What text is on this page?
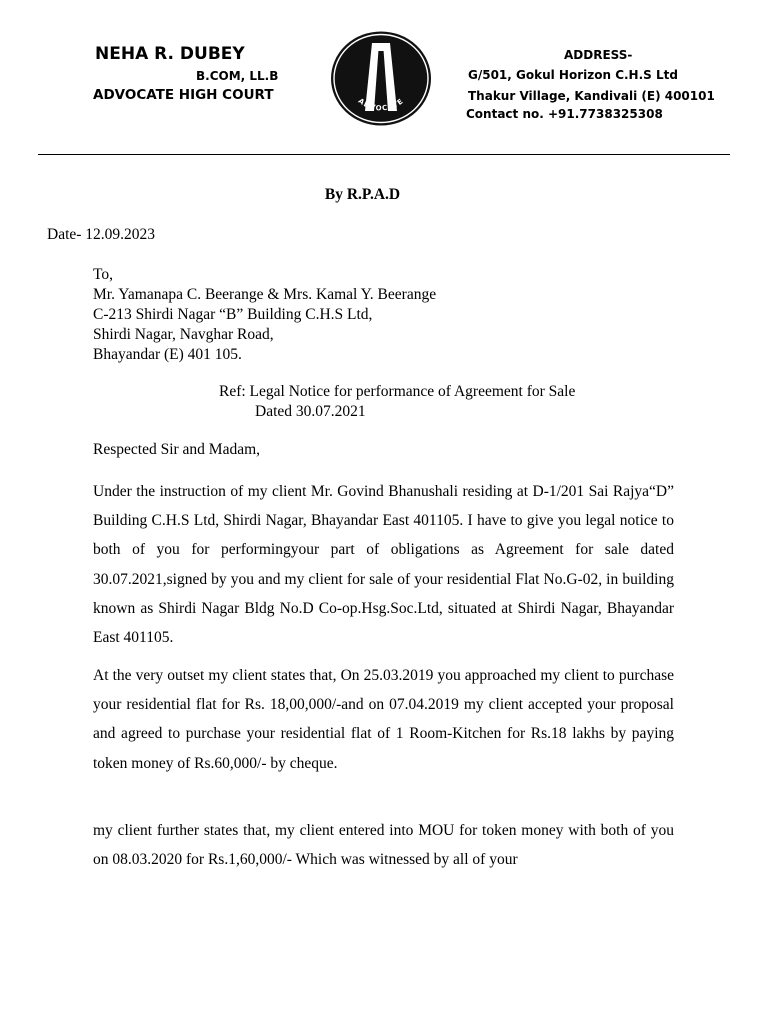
NEHA R. DUBEY
B.COM, LL.B
ADVOCATE HIGH COURT	ADVOCATE
ADDRESS-
G/501, Gokul Horizon C.H.S Ltd
Thakur Village, Kandivali (E) 400101
Contact no. +91.7738325308
By R.P.A.D
Date- 12.09.2023
To,
Mr. Yamanapa C. Beerange & Mrs. Kamal Y. Beerange
C-213 Shirdi Nagar “B” Building C.H.S Ltd,
Shirdi Nagar, Navghar Road,
Bhayandar (E) 401 105.
Ref: Legal Notice for performance of Agreement for Sale
Dated 30.07.2021
Respected Sir and Madam,

Under the instruction of my client Mr. Govind Bhanushali residing at D-1/201 Sai Rajya“D” Building C.H.S Ltd, Shirdi Nagar, Bhayandar East 401105. I have to give you legal notice to both of you for performingyour part of obligations as Agreement for sale dated 30.07.2021,signed by you and my client for sale of your residential Flat No.G-02, in building known as Shirdi Nagar Bldg No.D Co-op.Hsg.Soc.Ltd, situated at Shirdi Nagar, Bhayandar East 401105.

At the very outset my client states that, On 25.03.2019 you approached my client to purchase your residential flat for Rs. 18,00,000/-and on 07.04.2019 my client accepted your proposal and agreed to purchase your residential flat of 1 Room-Kitchen for Rs.18 lakhs by paying token money of Rs.60,000/- by cheque.

my client further states that, my client entered into MOU for token money with both of you on 08.03.2020 for Rs.1,60,000/- Which was witnessed by all of your
